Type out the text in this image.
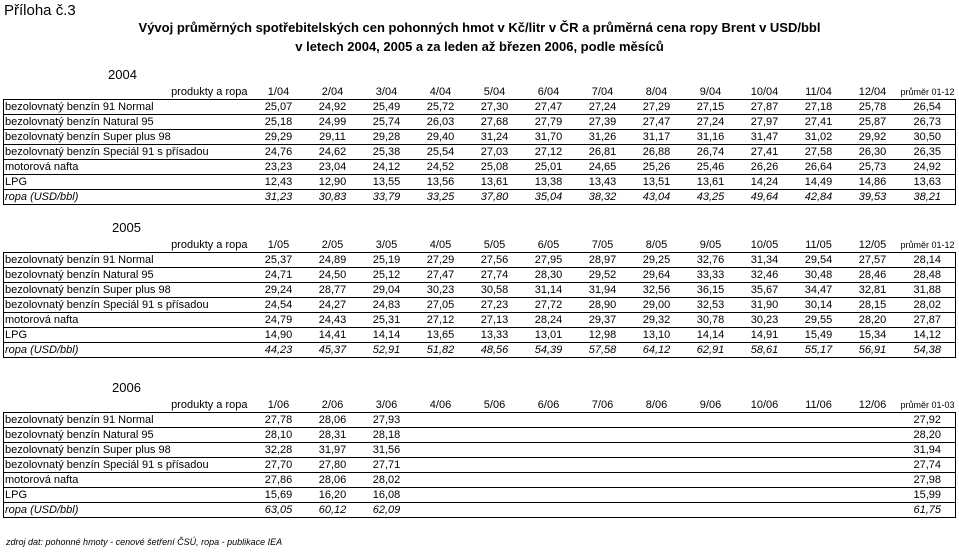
Příloha č.3
Vývoj průměrných spotřebitelských cen pohonných hmot v Kč/litr v ČR a průměrná cena ropy Brent v USD/bbl
v letech 2004, 2005 a za leden až březen 2006, podle měsíců
2004
produkty a ropa	1/04	2/04	3/04	4/04	5/04	6/04	7/04	8/04	9/04	10/04	11/04	12/04	průměr 01-12
bezolovnatý benzín 91 Normal	25,07	24,92	25,49	25,72	27,30	27,47	27,24	27,29	27,15	27,87	27,18	25,78	26,54
bezolovnatý benzín Natural 95	25,18	24,99	25,74	26,03	27,68	27,79	27,39	27,47	27,24	27,97	27,41	25,87	26,73
bezolovnatý benzín Super plus 98	29,29	29,11	29,28	29,40	31,24	31,70	31,26	31,17	31,16	31,47	31,02	29,92	30,50
bezolovnatý benzín Speciál 91 s přísadou	24,76	24,62	25,38	25,54	27,03	27,12	26,81	26,88	26,74	27,41	27,58	26,30	26,35
motorová nafta	23,23	23,04	24,12	24,52	25,08	25,01	24,65	25,26	25,46	26,26	26,64	25,73	24,92
LPG	12,43	12,90	13,55	13,56	13,61	13,38	13,43	13,51	13,61	14,24	14,49	14,86	13,63
ropa (USD/bbl)	31,23	30,83	33,79	33,25	37,80	35,04	38,32	43,04	43,25	49,64	42,84	39,53	38,21
2005
produkty a ropa	1/05	2/05	3/05	4/05	5/05	6/05	7/05	8/05	9/05	10/05	11/05	12/05	průměr 01-12
bezolovnatý benzín 91 Normal	25,37	24,89	25,19	27,29	27,56	27,95	28,97	29,25	32,76	31,34	29,54	27,57	28,14
bezolovnatý benzín Natural 95	24,71	24,50	25,12	27,47	27,74	28,30	29,52	29,64	33,33	32,46	30,48	28,46	28,48
bezolovnatý benzín Super plus 98	29,24	28,77	29,04	30,23	30,58	31,14	31,94	32,56	36,15	35,67	34,47	32,81	31,88
bezolovnatý benzín Speciál 91 s přísadou	24,54	24,27	24,83	27,05	27,23	27,72	28,90	29,00	32,53	31,90	30,14	28,15	28,02
motorová nafta	24,79	24,43	25,31	27,12	27,13	28,24	29,37	29,32	30,78	30,23	29,55	28,20	27,87
LPG	14,90	14,41	14,14	13,65	13,33	13,01	12,98	13,10	14,14	14,91	15,49	15,34	14,12
ropa (USD/bbl)	44,23	45,37	52,91	51,82	48,56	54,39	57,58	64,12	62,91	58,61	55,17	56,91	54,38
2006
produkty a ropa	1/06	2/06	3/06	4/06	5/06	6/06	7/06	8/06	9/06	10/06	11/06	12/06	průměr 01-03
bezolovnatý benzín 91 Normal	27,78	28,06	27,93										27,92
bezolovnatý benzín Natural 95	28,10	28,31	28,18										28,20
bezolovnatý benzín Super plus 98	32,28	31,97	31,56										31,94
bezolovnatý benzín Speciál 91 s přísadou	27,70	27,80	27,71										27,74
motorová nafta	27,86	28,06	28,02										27,98
LPG	15,69	16,20	16,08										15,99
ropa (USD/bbl)	63,05	60,12	62,09										61,75
zdroj dat: pohonné hmoty - cenové šetření ČSÚ, ropa - publikace IEA
